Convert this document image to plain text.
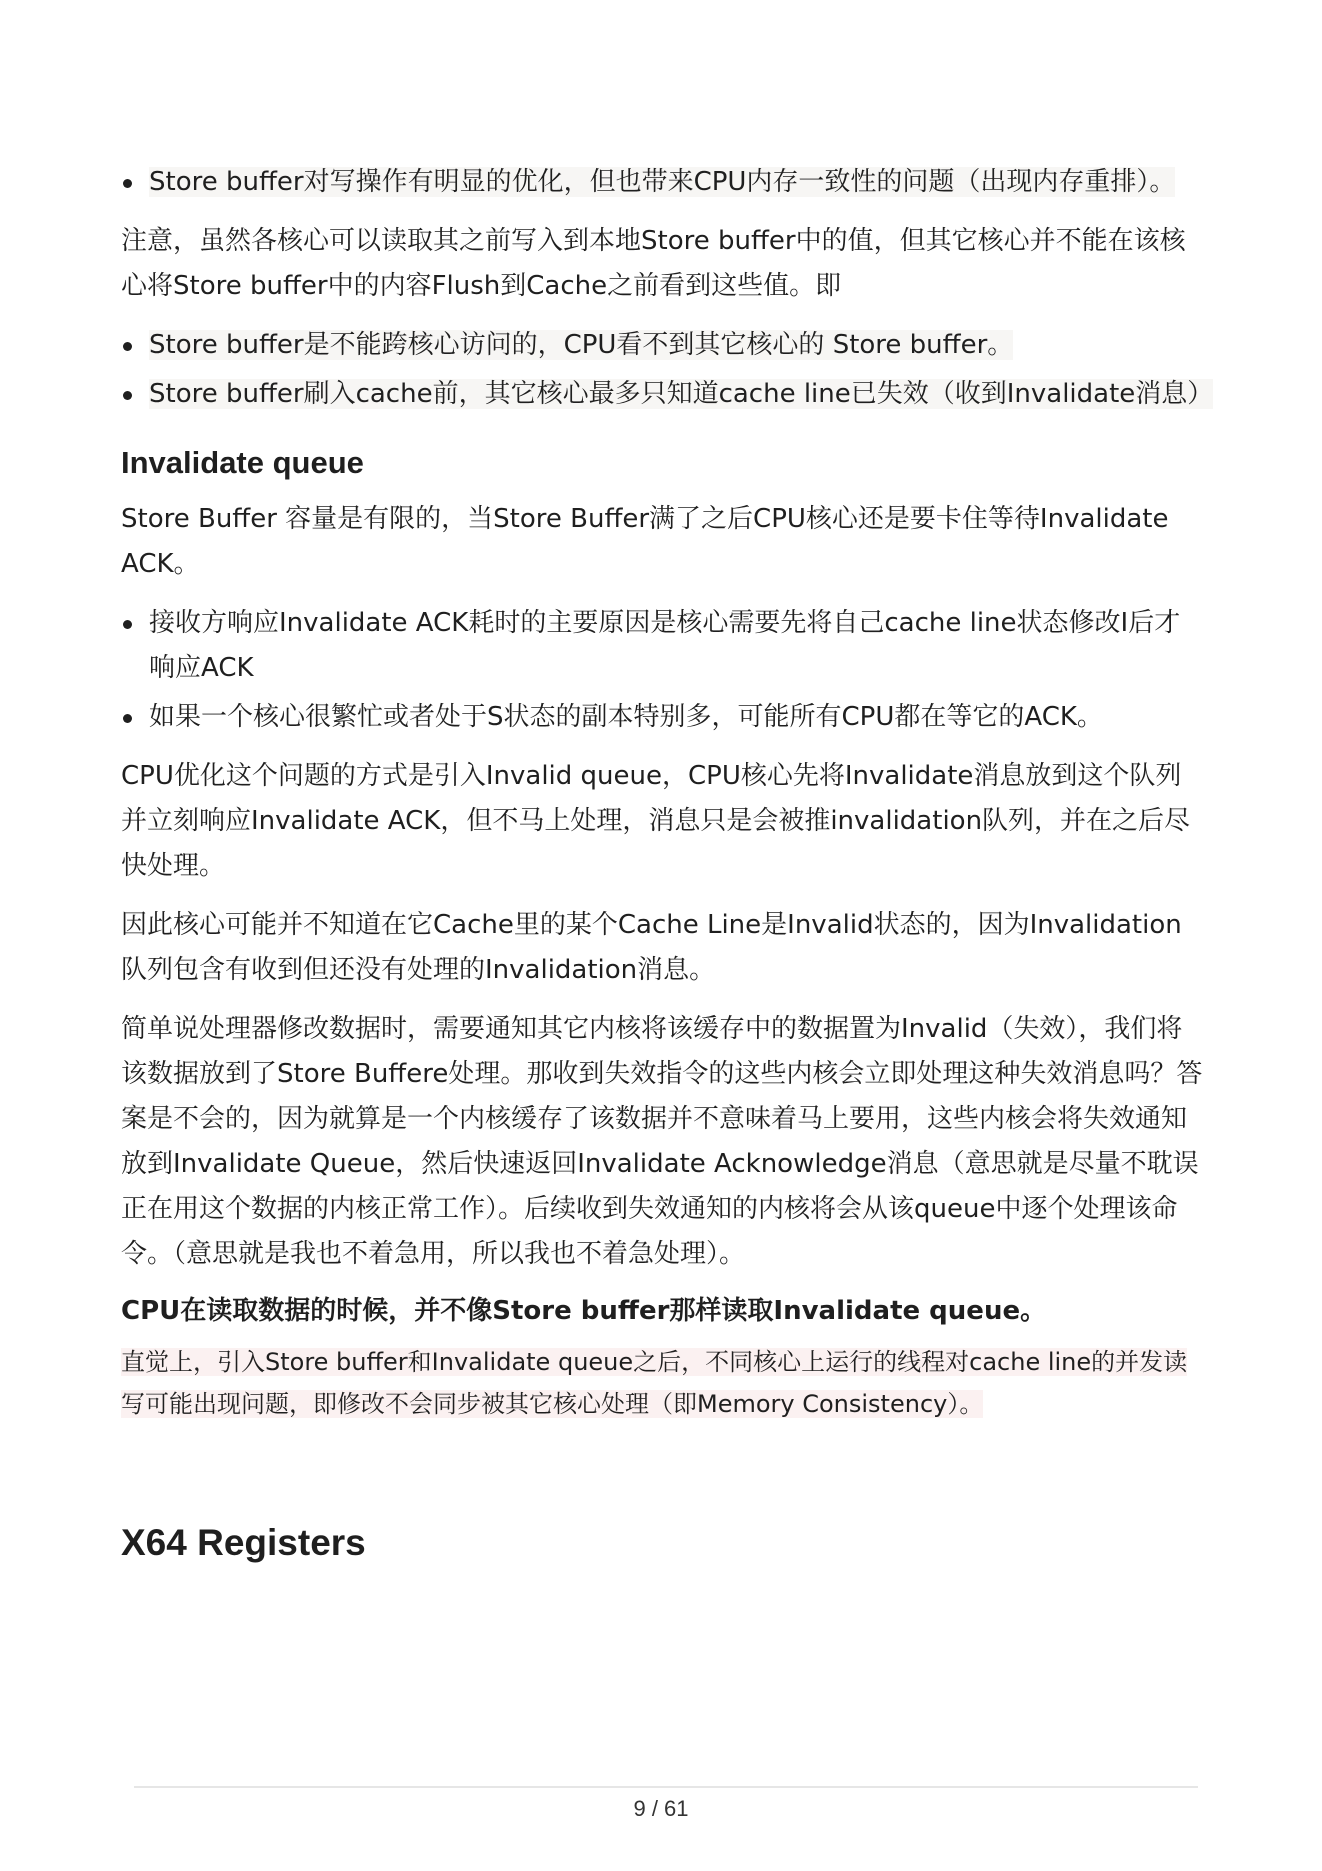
Store buffer对写操作有明显的优化，但也带来CPU内存一致性的问题（出现内存重排）。

注意，虽然各核心可以读取其之前写入到本地Store buffer中的值，但其它核心并不能在该核心将Store buffer中的内容Flush到Cache之前看到这些值。即

Store buffer是不能跨核心访问的，CPU看不到其它核心的 Store buffer。
Store buffer刷入cache前，其它核心最多只知道cache line已失效（收到Invalidate消息）
Invalidate queue

Store Buffer 容量是有限的，当Store Buffer满了之后CPU核心还是要卡住等待Invalidate ACK。

接收方响应Invalidate ACK耗时的主要原因是核心需要先将自己cache line状态修改I后才响应ACK
如果一个核心很繁忙或者处于S状态的副本特别多，可能所有CPU都在等它的ACK。

CPU优化这个问题的方式是引入Invalid queue，CPU核心先将Invalidate消息放到这个队列并立刻响应Invalidate ACK，但不马上处理，消息只是会被推invalidation队列，并在之后尽快处理。

因此核心可能并不知道在它Cache里的某个Cache Line是Invalid状态的，因为Invalidation队列包含有收到但还没有处理的Invalidation消息。

简单说处理器修改数据时，需要通知其它内核将该缓存中的数据置为Invalid（失效），我们将该数据放到了Store Buffere处理。那收到失效指令的这些内核会立即处理这种失效消息吗？答案是不会的，因为就算是一个内核缓存了该数据并不意味着马上要用，这些内核会将失效通知放到Invalidate Queue，然后快速返回Invalidate Acknowledge消息（意思就是尽量不耽误正在用这个数据的内核正常工作）。后续收到失效通知的内核将会从该queue中逐个处理该命令。（意思就是我也不着急用，所以我也不着急处理）。

CPU在读取数据的时候，并不像Store buffer那样读取Invalidate queue。

直觉上，引入Store buffer和Invalidate queue之后，不同核心上运行的线程对cache line的并发读写可能出现问题，即修改不会同步被其它核心处理（即Memory Consistency）。

X64 Registers
9 / 61
